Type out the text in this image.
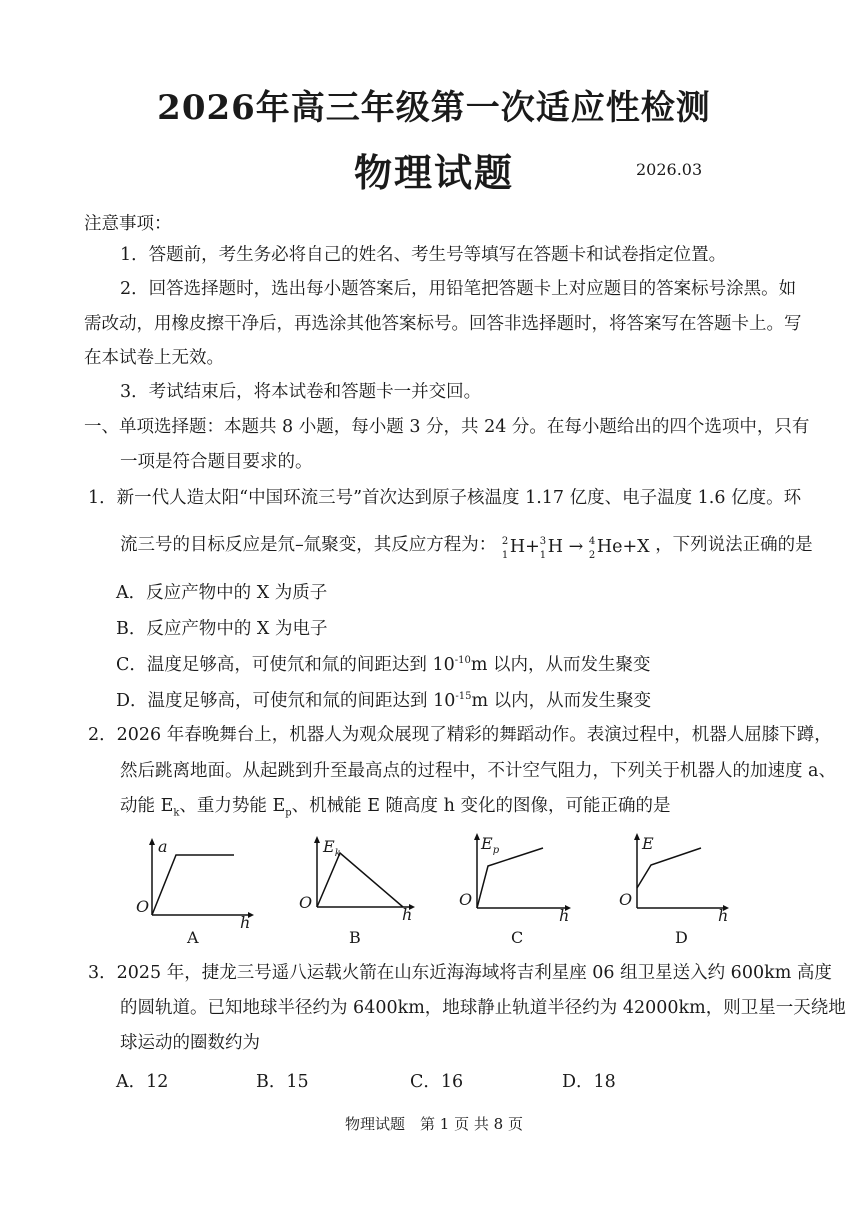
2026年高三年级第一次适应性检测
物理试题	2026.03
注意事项：
1．答题前，考生务必将自己的姓名、考生号等填写在答题卡和试卷指定位置。
2．回答选择题时，选出每小题答案后，用铅笔把答题卡上对应题目的答案标号涂黑。如
需改动，用橡皮擦干净后，再选涂其他答案标号。回答非选择题时，将答案写在答题卡上。写
在本试卷上无效。
3．考试结束后，将本试卷和答题卡一并交回。
一、单项选择题：本题共 8 小题，每小题 3 分，共 24 分。在每小题给出的四个选项中，只有
一项是符合题目要求的。
1．新一代人造太阳“中国环流三号”首次达到原子核温度 1.17 亿度、电子温度 1.6 亿度。环
流三号的目标反应是氘–氚聚变，其反应方程为： 2
1 H+ 3
1 H → 4
2 He+X ，下列说法正确的是
A．反应产物中的 X 为质子
B．反应产物中的 X 为电子
C．温度足够高，可使氘和氚的间距达到 $10^{-10}m$ 以内，从而发生聚变
D．温度足够高，可使氘和氚的间距达到 $10^{-15}m$ 以内，从而发生聚变
2．2026 年春晚舞台上，机器人为观众展现了精彩的舞蹈动作。表演过程中，机器人屈膝下蹲，
然后跳离地面。从起跳到升至最高点的过程中，不计空气阻力，下列关于机器人的加速度 a、
动能 $E_k$、重力势能 $E_p$、机械能 E 随高度 h 变化的图像，可能正确的是
a
O
h
A
$E_k$
O
h
B
$E_p$
O
h
C
E
O
h
D
3．2025 年，捷龙三号遥八运载火箭在山东近海海域将吉利星座 06 组卫星送入约 600km 高度
的圆轨道。已知地球半径约为 6400km，地球静止轨道半径约为 42000km，则卫星一天绕地
球运动的圈数约为
A．12	B．15	C．16	D．18
物理试题　第 1 页 共 8 页
